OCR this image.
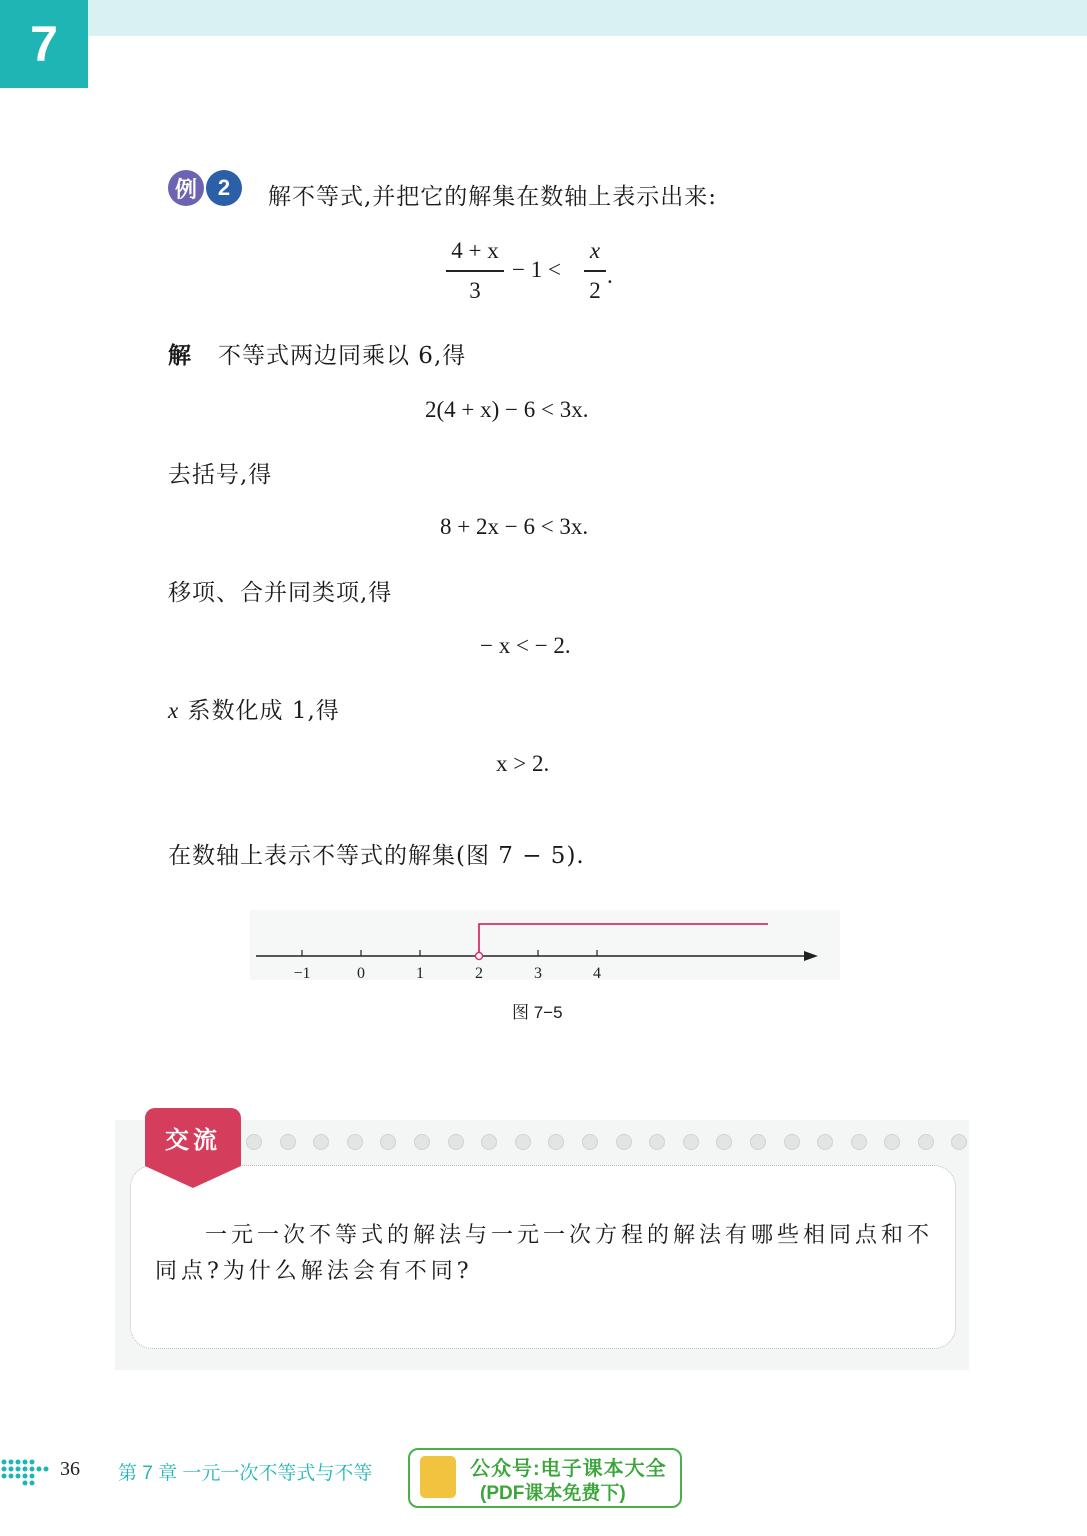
7
例 2	解不等式,并把它的解集在数轴上表示出来:
4 + x
3
− 1 <
x
2
.
解 不等式两边同乘以 6,得
2(4 + x) − 6 < 3x.
去括号,得
8 + 2x − 6 < 3x.
移项、合并同类项,得
− x < − 2.
x 系数化成 1,得
x > 2.
在数轴上表示不等式的解集(图 7 − 5).
−1	0	1	2	3	4
图 7−5
交流
一元一次不等式的解法与一元一次方程的解法有哪些相同点和不同点?为什么解法会有不同?
36 第 7 章 一元一次不等式与不等	公众号:电子课本大全
(PDF课本免费下)
